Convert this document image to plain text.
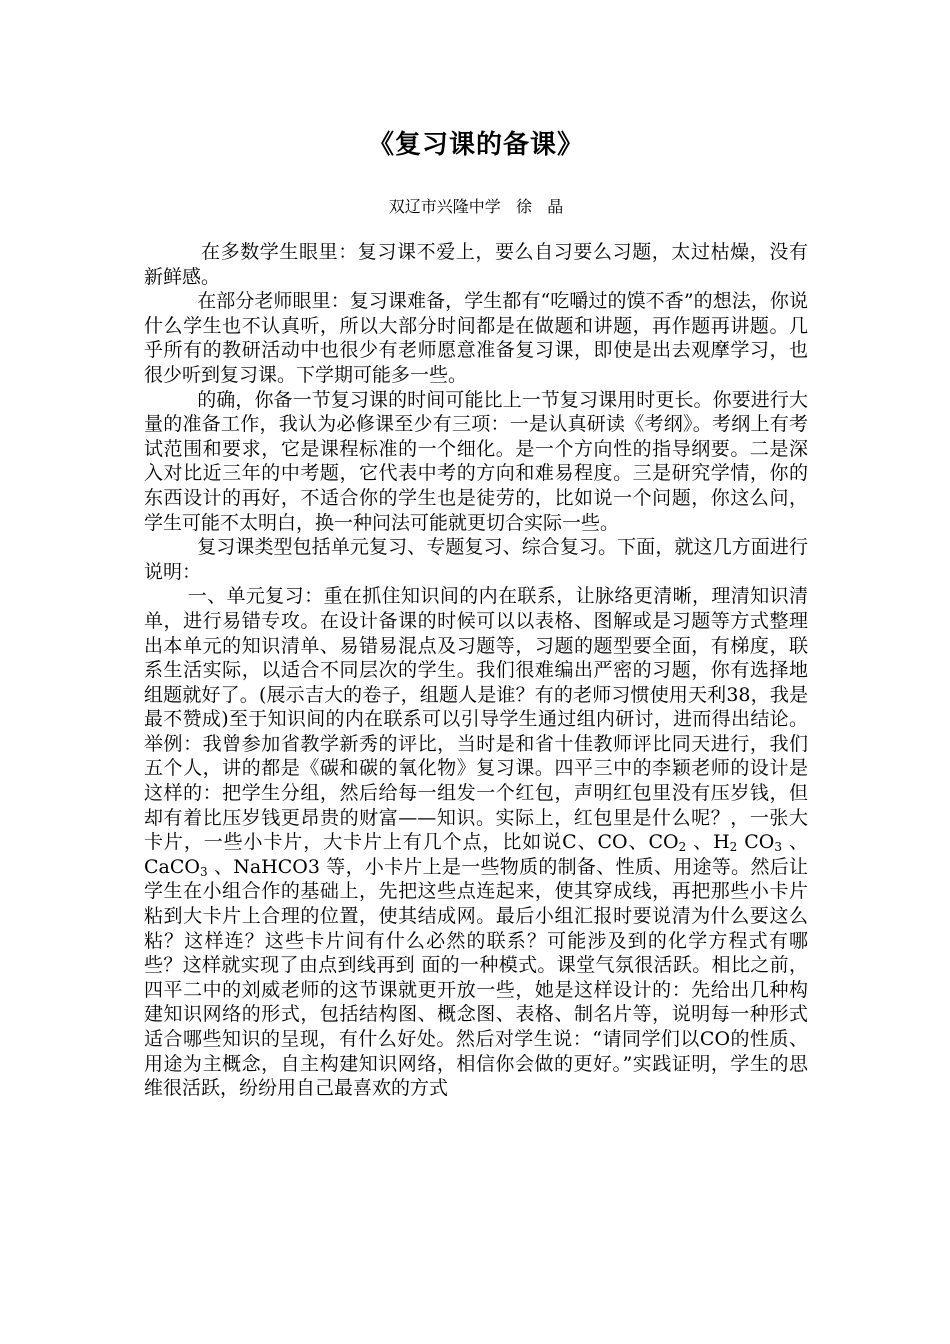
《复习课的备课》
双辽市兴隆中学   徐   晶

在多数学生眼里：复习课不爱上，要么自习要么习题，太过枯燥，没有新鲜感。

在部分老师眼里：复习课难备，学生都有“吃嚼过的馍不香”的想法，你说什么学生也不认真听，所以大部分时间都是在做题和讲题，再作题再讲题。几乎所有的教研活动中也很少有老师愿意准备复习课，即使是出去观摩学习，也很少听到复习课。下学期可能多一些。

的确，你备一节复习课的时间可能比上一节复习课用时更长。你要进行大量的准备工作，我认为必修课至少有三项：一是认真研读《考纲》。考纲上有考试范围和要求，它是课程标准的一个细化。是一个方向性的指导纲要。二是深入对比近三年的中考题，它代表中考的方向和难易程度。三是研究学情，你的东西设计的再好，不适合你的学生也是徒劳的，比如说一个问题，你这么问，学生可能不太明白，换一种问法可能就更切合实际一些。

复习课类型包括单元复习、专题复习、综合复习。下面，就这几方面进行说明：

一、单元复习：重在抓住知识间的内在联系，让脉络更清晰，理清知识清单，进行易错专攻。在设计备课的时候可以以表格、图解或是习题等方式整理出本单元的知识清单、易错易混点及习题等，习题的题型要全面，有梯度，联系生活实际，以适合不同层次的学生。我们很难编出严密的习题，你有选择地组题就好了。(展示吉大的卷子，组题人是谁？有的老师习惯使用天利38，我是最不赞成)至于知识间的内在联系可以引导学生通过组内研讨，进而得出结论。举例：我曾参加省教学新秀的评比，当时是和省十佳教师评比同天进行，我们五个人，讲的都是《碳和碳的氧化物》复习课。四平三中的李颖老师的设计是这样的：把学生分组，然后给每一组发一个红包，声明红包里没有压岁钱，但却有着比压岁钱更昂贵的财富——知识。实际上，红包里是什么呢？，一张大卡片，一些小卡片，大卡片上有几个点，比如说C、CO、$CO_2$ 、$H_2$ $CO_3$ 、CaCO$_3$ 、NaHCO3 等，小卡片上是一些物质的制备、性质、用途等。然后让学生在小组合作的基础上，先把这些点连起来，使其穿成线，再把那些小卡片粘到大卡片上合理的位置，使其结成网。最后小组汇报时要说清为什么要这么粘？这样连？这些卡片间有什么必然的联系？可能涉及到的化学方程式有哪些？这样就实现了由点到线再到 面的一种模式。课堂气氛很活跃。相比之前，四平二中的刘威老师的这节课就更开放一些，她是这样设计的：先给出几种构建知识网络的形式，包括结构图、概念图、表格、制名片等，说明每一种形式适合哪些知识的呈现，有什么好处。然后对学生说：“请同学们以CO的性质、用途为主概念，自主构建知识网络，相信你会做的更好。”实践证明，学生的思维很活跃，纷纷用自己最喜欢的方式
